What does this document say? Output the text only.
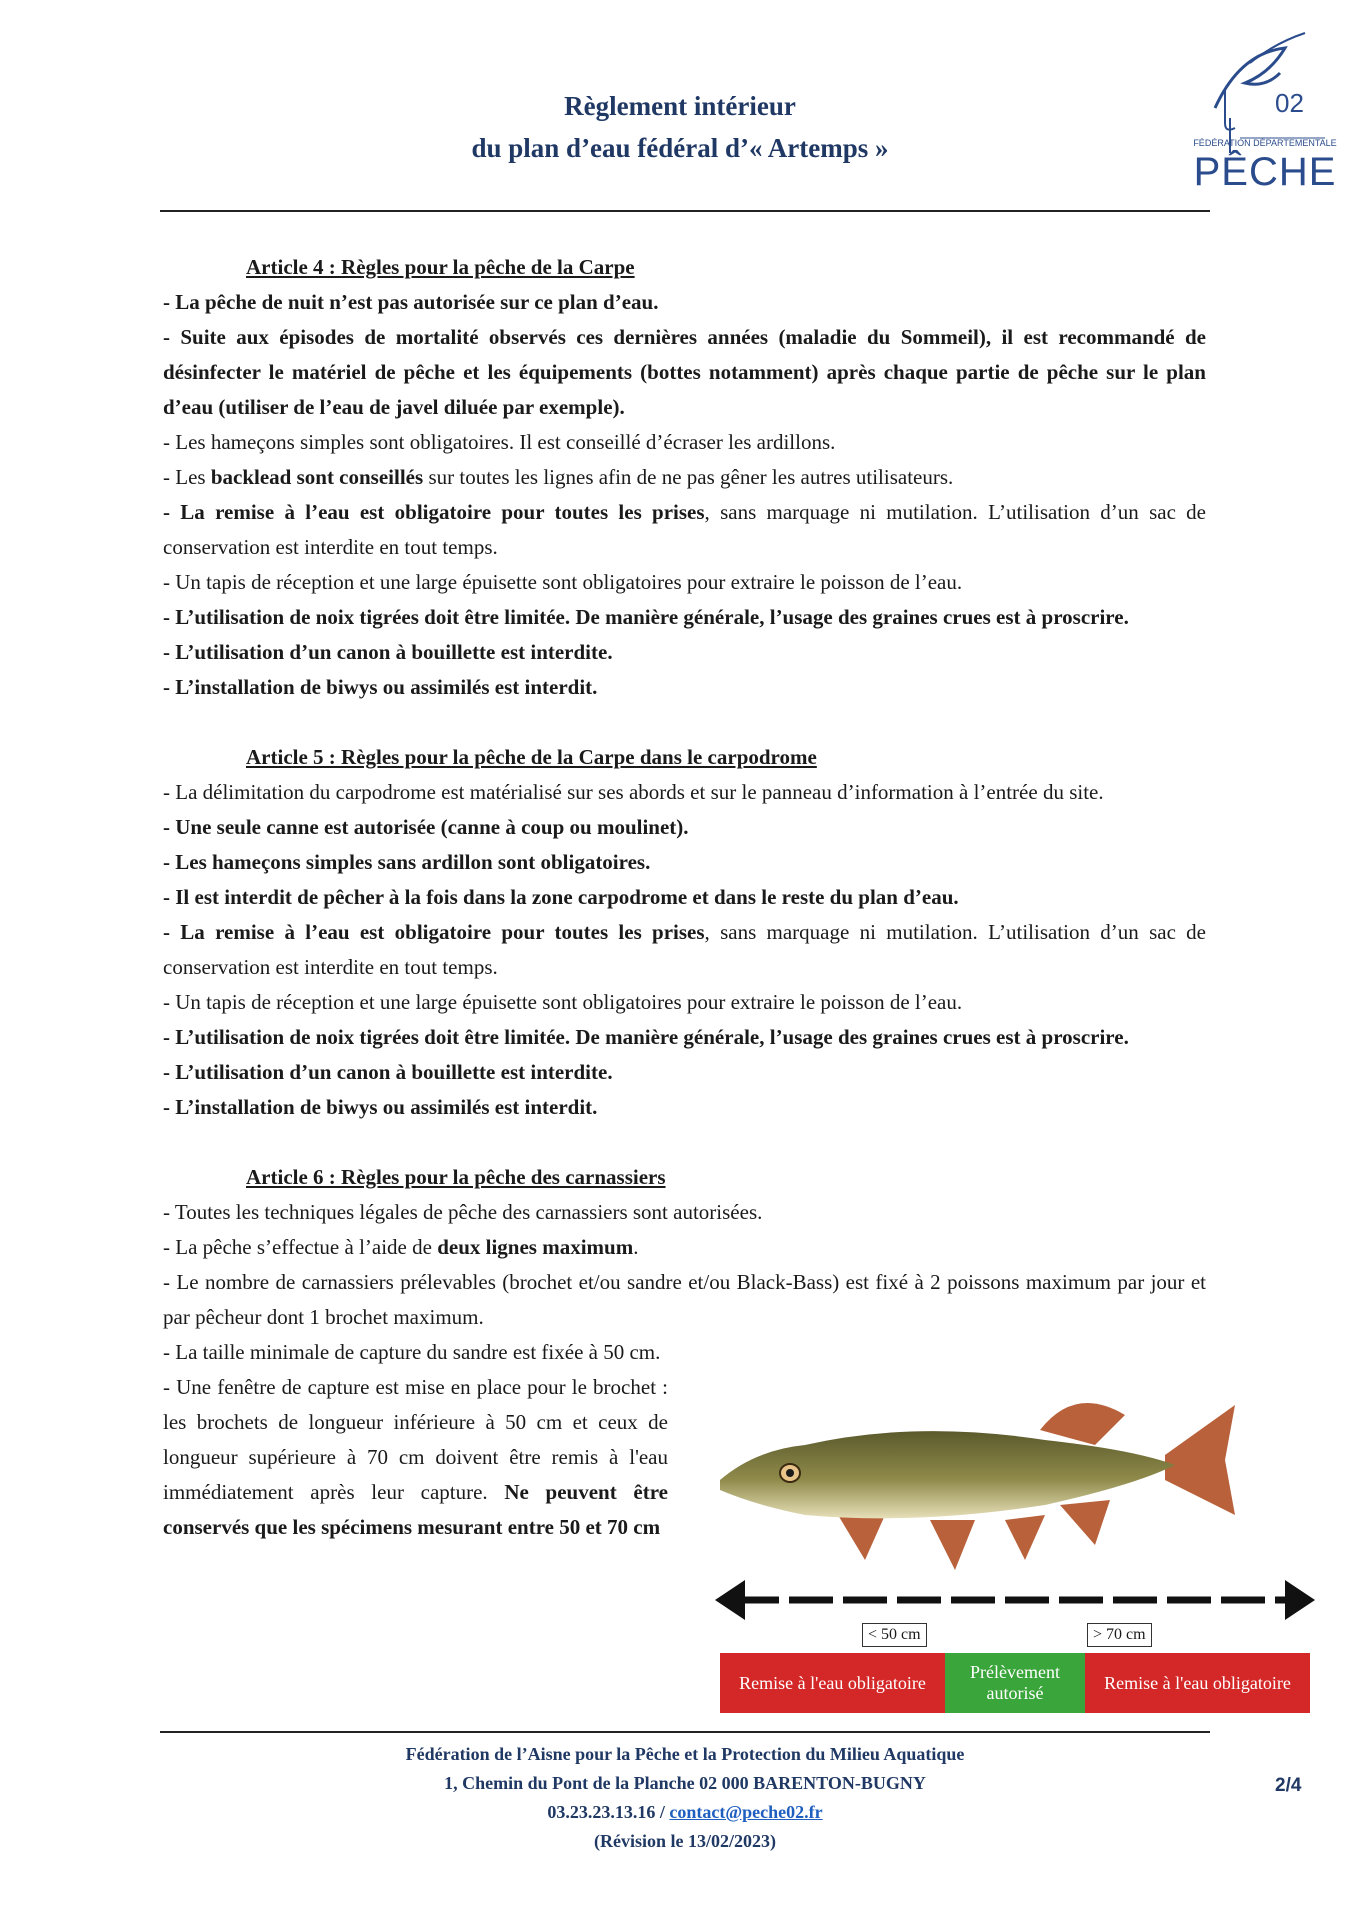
Règlement intérieur
du plan d’eau fédéral d’« Artemps »
02
FÉDÉRATION DÉPARTEMENTALE
PÊCHE

Article 4 : Règles pour la pêche de la Carpe

- La pêche de nuit n’est pas autorisée sur ce plan d’eau.

- Suite aux épisodes de mortalité observés ces dernières années (maladie du Sommeil), il est recommandé de désinfecter le matériel de pêche et les équipements (bottes notamment) après chaque partie de pêche sur le plan d’eau (utiliser de l’eau de javel diluée par exemple).

- Les hameçons simples sont obligatoires. Il est conseillé d’écraser les ardillons.

- Les backlead sont conseillés sur toutes les lignes afin de ne pas gêner les autres utilisateurs.

- La remise à l’eau est obligatoire pour toutes les prises, sans marquage ni mutilation. L’utilisation d’un sac de conservation est interdite en tout temps.

- Un tapis de réception et une large épuisette sont obligatoires pour extraire le poisson de l’eau.

- L’utilisation de noix tigrées doit être limitée. De manière générale, l’usage des graines crues est à proscrire.

- L’utilisation d’un canon à bouillette est interdite.

- L’installation de biwys ou assimilés est interdit.

Article 5 : Règles pour la pêche de la Carpe dans le carpodrome

- La délimitation du carpodrome est matérialisé sur ses abords et sur le panneau d’information à l’entrée du site.

- Une seule canne est autorisée (canne à coup ou moulinet).

- Les hameçons simples sans ardillon sont obligatoires.

- Il est interdit de pêcher à la fois dans la zone carpodrome et dans le reste du plan d’eau.

- La remise à l’eau est obligatoire pour toutes les prises, sans marquage ni mutilation. L’utilisation d’un sac de conservation est interdite en tout temps.

- Un tapis de réception et une large épuisette sont obligatoires pour extraire le poisson de l’eau.

- L’utilisation de noix tigrées doit être limitée. De manière générale, l’usage des graines crues est à proscrire.

- L’utilisation d’un canon à bouillette est interdite.

- L’installation de biwys ou assimilés est interdit.

Article 6 : Règles pour la pêche des carnassiers

- Toutes les techniques légales de pêche des carnassiers sont autorisées.

- La pêche s’effectue à l’aide de deux lignes maximum.

- Le nombre de carnassiers prélevables (brochet et/ou sandre et/ou Black-Bass) est fixé à 2 poissons maximum par jour et par pêcheur dont 1 brochet maximum.

- La taille minimale de capture du sandre est fixée à 50 cm.

- Une fenêtre de capture est mise en place pour le brochet : les brochets de longueur inférieure à 50 cm et ceux de longueur supérieure à 70 cm doivent être remis à l'eau immédiatement après leur capture. Ne peuvent être conservés que les spécimens mesurant entre 50 et 70 cm

< 50 cm	> 70 cm
Remise à l'eau obligatoire
Prélèvement
autorisé
Remise à l'eau obligatoire
Fédération de l’Aisne pour la Pêche et la Protection du Milieu Aquatique
1, Chemin du Pont de la Planche 02 000 BARENTON-BUGNY
03.23.23.13.16 / contact@peche02.fr
(Révision le 13/02/2023)
2/4
